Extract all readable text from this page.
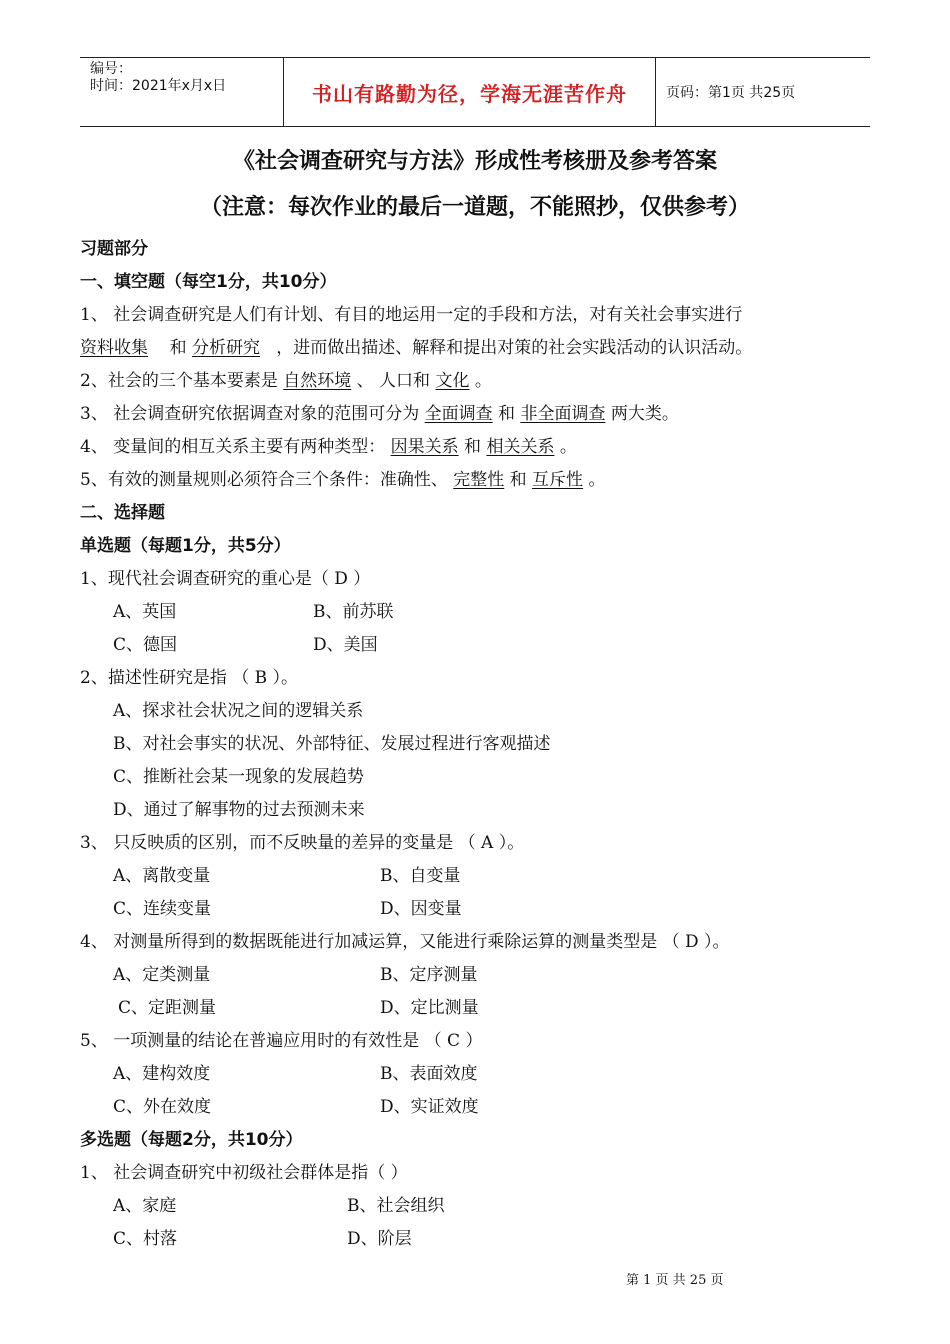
编号：
时间：2021年x月x日	书山有路勤为径，学海无涯苦作舟	页码：第1页 共25页
《社会调查研究与方法》形成性考核册及参考答案
（注意：每次作业的最后一道题，不能照抄，仅供参考）
习题部分
一、填空题（每空1分，共10分）
1、 社会调查研究是人们有计划、有目的地运用一定的手段和方法，对有关社会事实进行
资料收集 和 分析研究 ，进而做出描述、解释和提出对策的社会实践活动的认识活动。
2、社会的三个基本要素是 自然环境 、 人口和 文化 。
3、 社会调查研究依据调查对象的范围可分为 全面调查 和 非全面调查 两大类。
4、 变量间的相互关系主要有两种类型： 因果关系 和 相关关系 。
5、有效的测量规则必须符合三个条件：准确性、 完整性 和 互斥性 。
二、选择题
单选题（每题1分，共5分）
1、现代社会调查研究的重心是（ D ）
A、英国	B、前苏联
C、德国	D、美国
2、描述性研究是指 （ B ）。
A、探求社会状况之间的逻辑关系
B、对社会事实的状况、外部特征、发展过程进行客观描述
C、推断社会某一现象的发展趋势
D、通过了解事物的过去预测未来
3、 只反映质的区别，而不反映量的差异的变量是 （ A ）。
A、离散变量	B、自变量
C、连续变量	D、因变量
4、 对测量所得到的数据既能进行加减运算，又能进行乘除运算的测量类型是 （ D ）。
A、定类测量	B、定序测量
C、定距测量	D、定比测量
5、 一项测量的结论在普遍应用时的有效性是 （ C ）
A、建构效度	B、表面效度
C、外在效度	D、实证效度
多选题（每题2分，共10分）
1、 社会调查研究中初级社会群体是指（ ）
A、家庭	B、社会组织
C、村落	D、阶层
第 1 页 共 25 页
